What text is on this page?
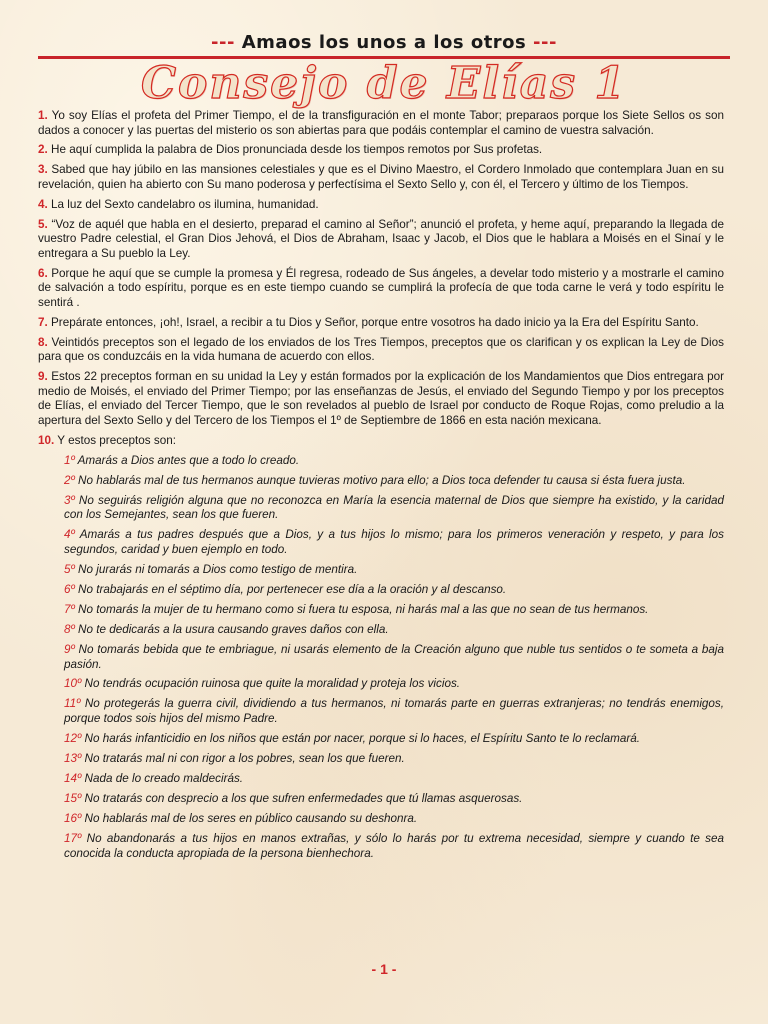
--- Amaos los unos a los otros ---
Consejo de Elías 1
1. Yo soy Elías el profeta del Primer Tiempo, el de la transfiguración en el monte Tabor; preparaos porque los Siete Sellos os son dados a conocer y las puertas del misterio os son abiertas para que podáis contemplar el camino de vuestra salvación.
2. He aquí cumplida la palabra de Dios pronunciada desde los tiempos remotos por Sus profetas.
3. Sabed que hay júbilo en las mansiones celestiales y que es el Divino Maestro, el Cordero Inmolado que contemplara Juan en su revelación, quien ha abierto con Su mano poderosa y perfectísima el Sexto Sello y, con él, el Tercero y último de los Tiempos.
4. La luz del Sexto candelabro os ilumina, humanidad.
5. “Voz de aquél que habla en el desierto, preparad el camino al Señor”; anunció el profeta, y heme aquí, preparando la llegada de vuestro Padre celestial, el Gran Dios Jehová, el Dios de Abraham, Isaac y Jacob, el Dios que le hablara a Moisés en el Sinaí y le entregara a Su pueblo la Ley.
6. Porque he aquí que se cumple la promesa y Él regresa, rodeado de Sus ángeles, a develar todo misterio y a mostrarle el camino de salvación a todo espíritu, porque es en este tiempo cuando se cumplirá la profecía de que toda carne le verá y todo espíritu le sentirá .
7. Prepárate entonces, ¡oh!, Israel, a recibir a tu Dios y Señor, porque entre vosotros ha dado inicio ya la Era del Espíritu Santo.
8. Veintidós preceptos son el legado de los enviados de los Tres Tiempos, preceptos que os clarifican y os explican la Ley de Dios para que os conduzcáis en la vida humana de acuerdo con ellos.
9. Estos 22 preceptos forman en su unidad la Ley y están formados por la explicación de los Mandamientos que Dios entregara por medio de Moisés, el enviado del Primer Tiempo; por las enseñanzas de Jesús, el enviado del Segundo Tiempo y por los preceptos de Elías, el enviado del Tercer Tiempo, que le son revelados al pueblo de Israel por conducto de Roque Rojas, como preludio a la apertura del Sexto Sello y del Tercero de los Tiempos el 1º de Septiembre de 1866 en esta nación mexicana.
10. Y estos preceptos son:
1º Amarás a Dios antes que a todo lo creado.
2º No hablarás mal de tus hermanos aunque tuvieras motivo para ello; a Dios toca defender tu causa si ésta fuera justa.
3º No seguirás religión alguna que no reconozca en María la esencia maternal de Dios que siempre ha existido, y la caridad con los Semejantes, sean los que fueren.
4º Amarás a tus padres después que a Dios, y a tus hijos lo mismo; para los primeros veneración y respeto, y para los segundos, caridad y buen ejemplo en todo.
5º No jurarás ni tomarás a Dios como testigo de mentira.
6º No trabajarás en el séptimo día, por pertenecer ese día a la oración y al descanso.
7º No tomarás la mujer de tu hermano como si fuera tu esposa, ni harás mal a las que no sean de tus hermanos.
8º No te dedicarás a la usura causando graves daños con ella.
9º No tomarás bebida que te embriague, ni usarás elemento de la Creación alguno que nuble tus sentidos o te someta a baja pasión.
10º No tendrás ocupación ruinosa que quite la moralidad y proteja los vicios.
11º No protegerás la guerra civil, dividiendo a tus hermanos, ni tomarás parte en guerras extranjeras; no tendrás enemigos, porque todos sois hijos del mismo Padre.
12º No harás infanticidio en los niños que están por nacer, porque si lo haces, el Espíritu Santo te lo reclamará.
13º No tratarás mal ni con rigor a los pobres, sean los que fueren.
14º Nada de lo creado maldecirás.
15º No tratarás con desprecio a los que sufren enfermedades que tú llamas asquerosas.
16º No hablarás mal de los seres en público causando su deshonra.
17º No abandonarás a tus hijos en manos extrañas, y sólo lo harás por tu extrema necesidad, siempre y cuando te sea conocida la conducta apropiada de la persona bienhechora.
- 1 -
